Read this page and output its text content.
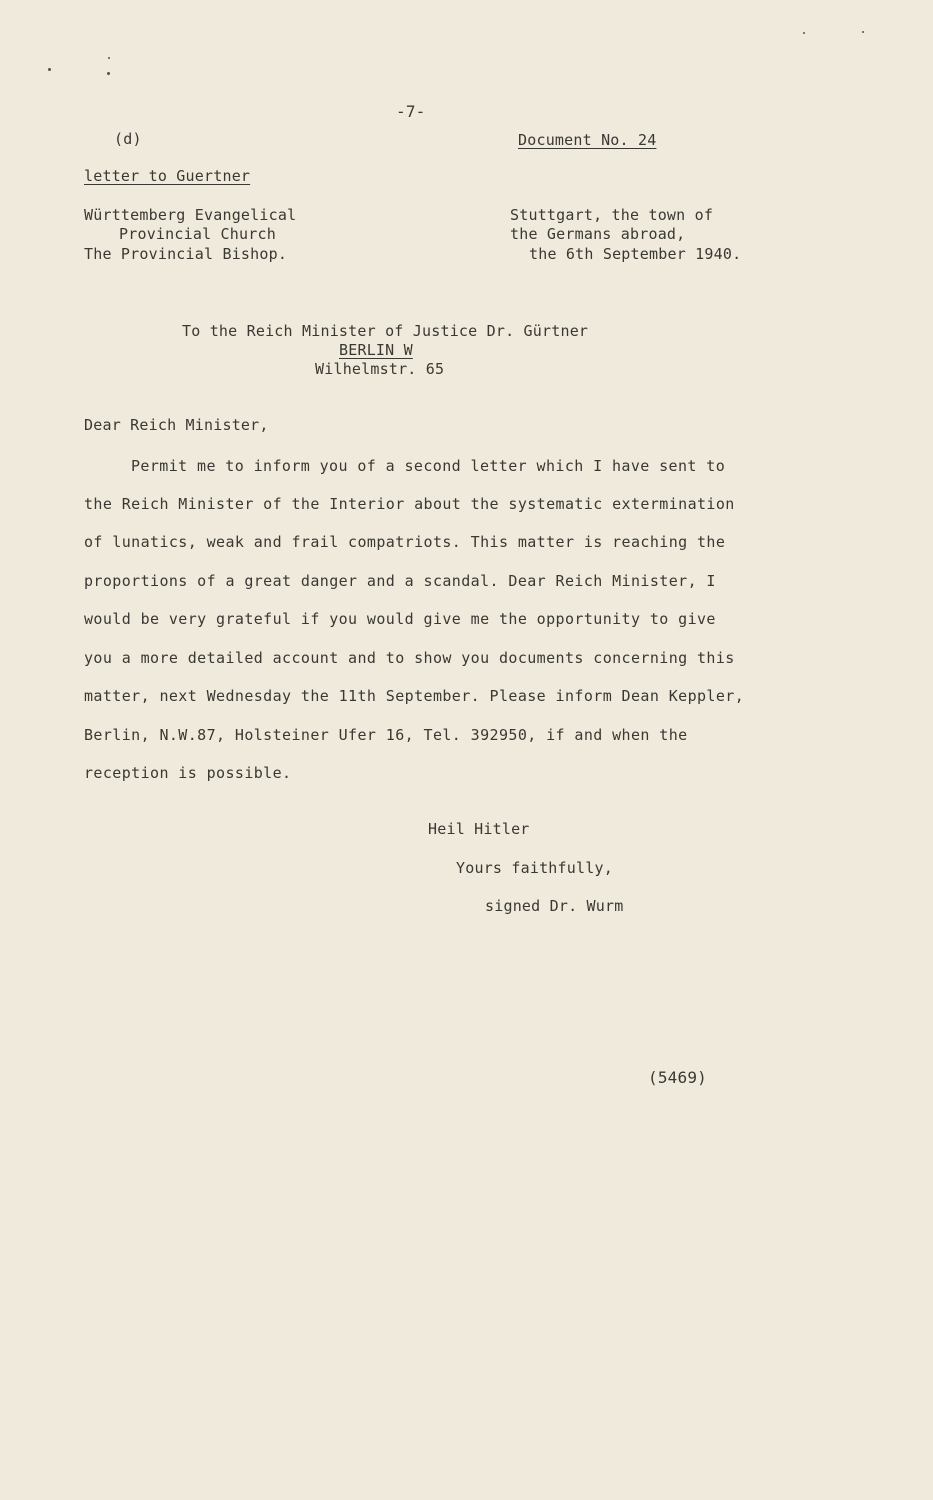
-7-
(d)	Document No. 24
letter to Guertner
Württemberg Evangelical
Provincial Church
The Provincial Bishop.
Stuttgart, the town of
the Germans abroad,
the 6th September 1940.
To the Reich Minister of Justice Dr. Gürtner
BERLIN W
Wilhelmstr. 65
Dear Reich Minister,
Permit me to inform you of a second letter which I have sent to
the Reich Minister of the Interior about the systematic extermination
of lunatics, weak and frail compatriots. This matter is reaching the
proportions of a great danger and a scandal. Dear Reich Minister, I
would be very grateful if you would give me the opportunity to give
you a more detailed account and to show you documents concerning this
matter, next Wednesday the 11th September. Please inform Dean Keppler,
Berlin, N.W.87, Holsteiner Ufer 16, Tel. 392950, if and when the
reception is possible.
Heil Hitler
Yours faithfully,
signed Dr. Wurm
(5469)
